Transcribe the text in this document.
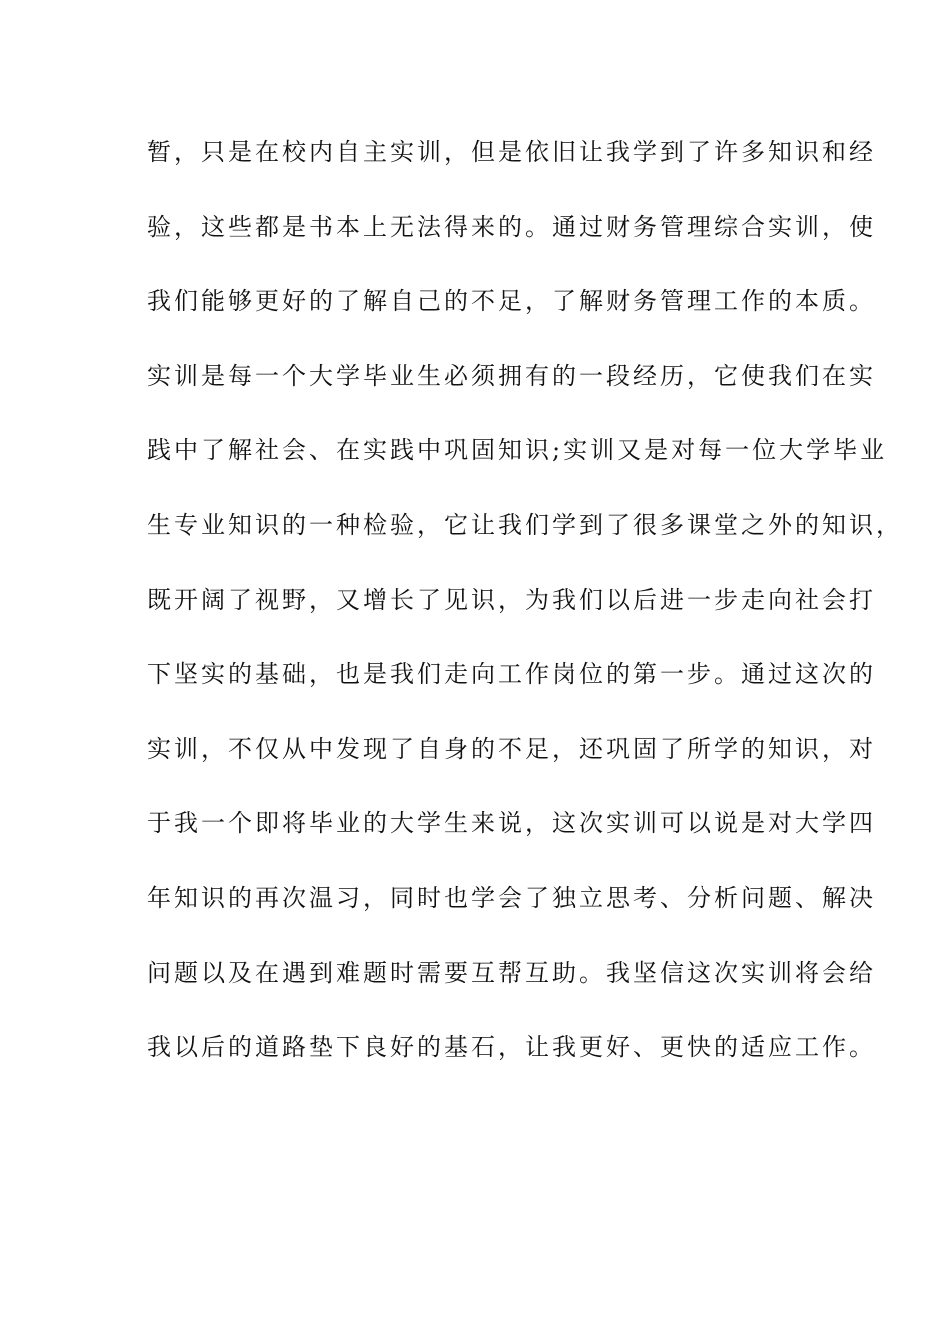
暂，只是在校内自主实训，但是依旧让我学到了许多知识和经
验，这些都是书本上无法得来的。通过财务管理综合实训，使
我们能够更好的了解自己的不足，了解财务管理工作的本质。
实训是每一个大学毕业生必须拥有的一段经历，它使我们在实
践中了解社会、在实践中巩固知识;实训又是对每一位大学毕业
生专业知识的一种检验，它让我们学到了很多课堂之外的知识，
既开阔了视野，又增长了见识，为我们以后进一步走向社会打
下坚实的基础，也是我们走向工作岗位的第一步。通过这次的
实训，不仅从中发现了自身的不足，还巩固了所学的知识，对
于我一个即将毕业的大学生来说，这次实训可以说是对大学四
年知识的再次温习，同时也学会了独立思考、分析问题、解决
问题以及在遇到难题时需要互帮互助。我坚信这次实训将会给
我以后的道路垫下良好的基石，让我更好、更快的适应工作。
